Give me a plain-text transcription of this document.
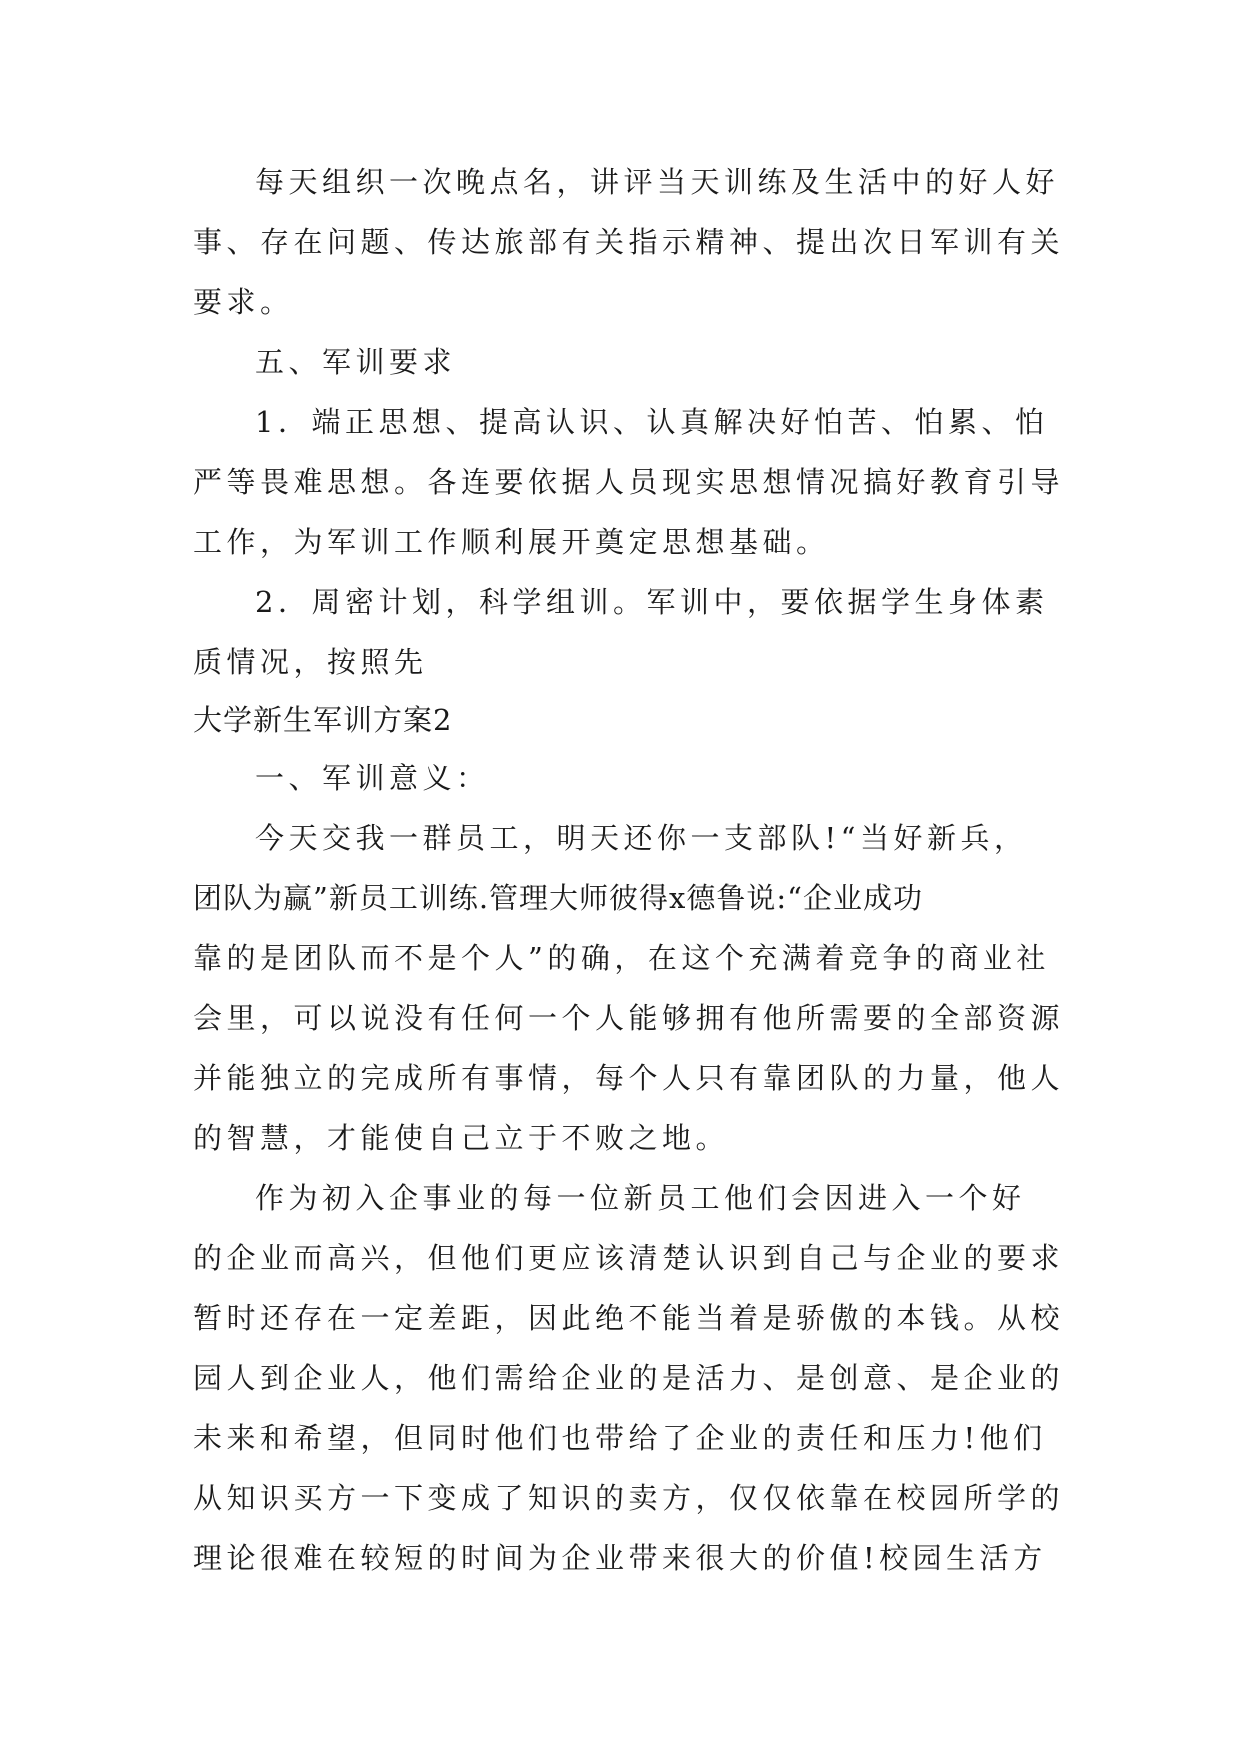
每天组织一次晚点名，讲评当天训练及生活中的好人好
事、存在问题、传达旅部有关指示精神、提出次日军训有关
要求。
五、军训要求
1．端正思想、提高认识、认真解决好怕苦、怕累、怕
严等畏难思想。各连要依据人员现实思想情况搞好教育引导
工作，为军训工作顺利展开奠定思想基础。
2．周密计划，科学组训。军训中，要依据学生身体素
质情况，按照先
大学新生军训方案2
一、军训意义：
今天交我一群员工，明天还你一支部队!“当好新兵，
团队为赢”新员工训练.管理大师彼得x德鲁说:“企业成功
靠的是团队而不是个人”的确，在这个充满着竞争的商业社
会里，可以说没有任何一个人能够拥有他所需要的全部资源
并能独立的完成所有事情，每个人只有靠团队的力量，他人
的智慧，才能使自己立于不败之地。
作为初入企事业的每一位新员工他们会因进入一个好
的企业而高兴，但他们更应该清楚认识到自己与企业的要求
暂时还存在一定差距，因此绝不能当着是骄傲的本钱。从校
园人到企业人，他们需给企业的是活力、是创意、是企业的
未来和希望，但同时他们也带给了企业的责任和压力!他们
从知识买方一下变成了知识的卖方，仅仅依靠在校园所学的
理论很难在较短的时间为企业带来很大的价值!校园生活方
